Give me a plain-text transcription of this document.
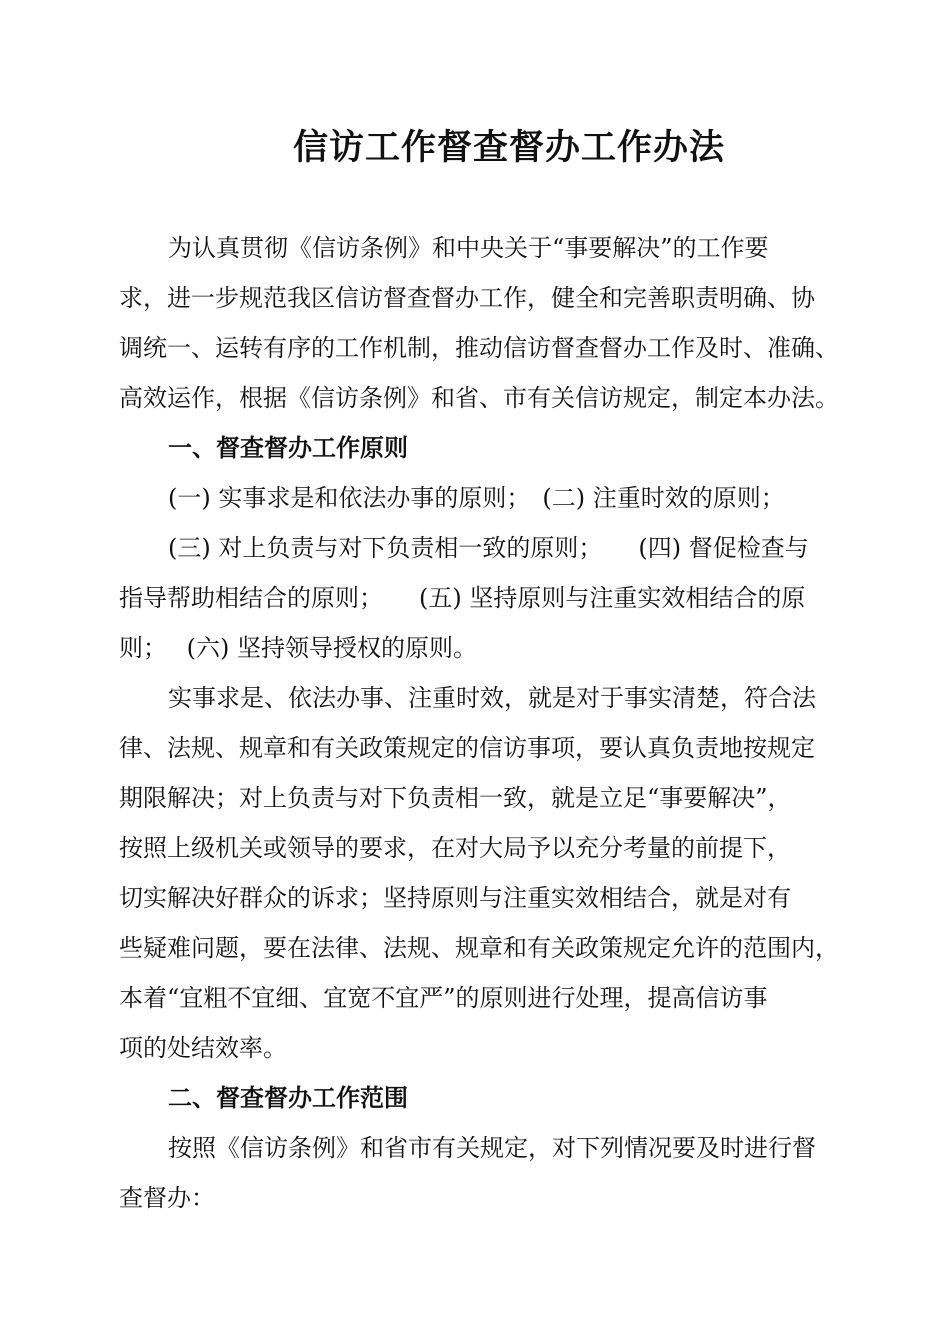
信访工作督查督办工作办法
为认真贯彻《信访条例》和中央关于“事要解决”的工作要
求，进一步规范我区信访督查督办工作，健全和完善职责明确、协
调统一、运转有序的工作机制，推动信访督查督办工作及时、准确、
高效运作，根据《信访条例》和省、市有关信访规定，制定本办法。
一、督查督办工作原则
(一) 实事求是和依法办事的原则；　(二) 注重时效的原则；
(三) 对上负责与对下负责相一致的原则；　　(四) 督促检查与
指导帮助相结合的原则；　　(五) 坚持原则与注重实效相结合的原
则；　 (六) 坚持领导授权的原则。
实事求是、依法办事、注重时效，就是对于事实清楚，符合法
律、法规、规章和有关政策规定的信访事项，要认真负责地按规定
期限解决；对上负责与对下负责相一致，就是立足“事要解决”，
按照上级机关或领导的要求，在对大局予以充分考量的前提下，
切实解决好群众的诉求；坚持原则与注重实效相结合，就是对有
些疑难问题，要在法律、法规、规章和有关政策规定允许的范围内，
本着“宜粗不宜细、宜宽不宜严”的原则进行处理，提高信访事
项的处结效率。
二、督查督办工作范围
按照《信访条例》和省市有关规定，对下列情况要及时进行督
查督办：
